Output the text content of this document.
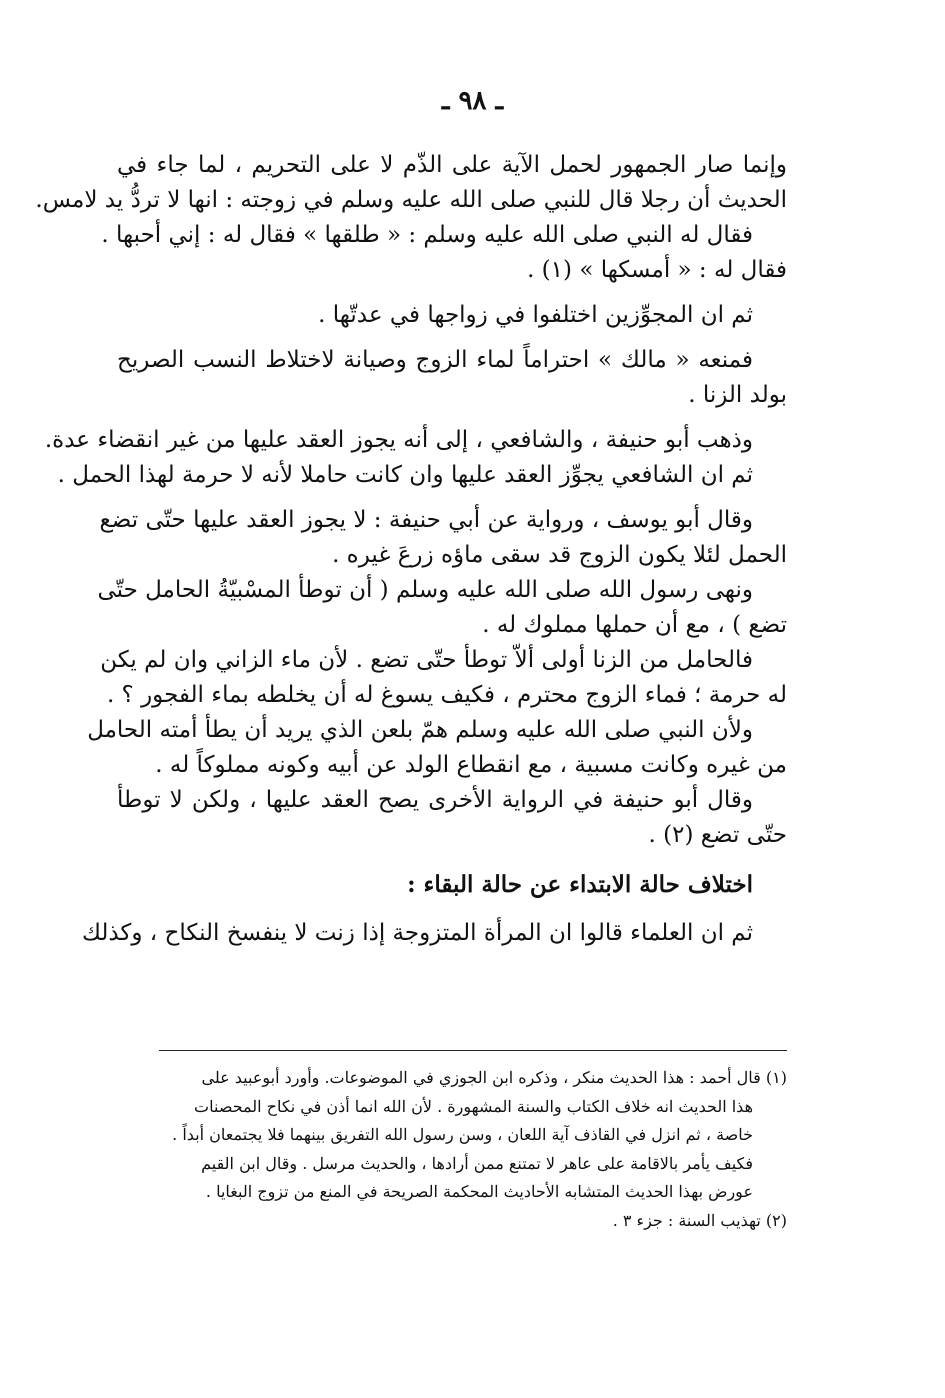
ـ ٩٨ ـ
وإنما صار الجمهور لحمل الآية على الذّم لا على التحريم ، لما جاء في
الحديث أن رجلا قال للنبي صلى الله عليه وسلم في زوجته : انها لا تردُّ يد لامس.
فقال له النبي صلى الله عليه وسلم : « طلقها » فقال له : إني أحبها .
فقال له : « أمسكها » (١) .
ثم ان المجوِّزين اختلفوا في زواجها في عدتّها .
فمنعه « مالك » احتراماً لماء الزوج وصيانة لاختلاط النسب الصريح
بولد الزنا .
وذهب أبو حنيفة ، والشافعي ، إلى أنه يجوز العقد عليها من غير انقضاء عدة.
ثم ان الشافعي يجوِّز العقد عليها وان كانت حاملا لأنه لا حرمة لهذا الحمل .
وقال أبو يوسف ، ورواية عن أبي حنيفة : لا يجوز العقد عليها حتّى تضع
الحمل لئلا يكون الزوج قد سقى ماؤه زرعَ غيره .
ونهى رسول الله صلى الله عليه وسلم ( أن توطأ المسْبيّةُ الحامل حتّى
تضع ) ، مع أن حملها مملوك له .
فالحامل من الزنا أولى ألاّ توطأ حتّى تضع . لأن ماء الزاني وان لم يكن
له حرمة ؛ فماء الزوج محترم ، فكيف يسوغ له أن يخلطه بماء الفجور ؟ .
ولأن النبي صلى الله عليه وسلم همّ بلعن الذي يريد أن يطأ أمته الحامل
من غيره وكانت مسبية ، مع انقطاع الولد عن أبيه وكونه مملوكاً له .
وقال أبو حنيفة في الرواية الأخرى يصح العقد عليها ، ولكن لا توطأ
حتّى تضع (٢) .
اختلاف حالة الابتداء عن حالة البقاء :
ثم ان العلماء قالوا ان المرأة المتزوجة إذا زنت لا ينفسخ النكاح ، وكذلك
(١) قال أحمد : هذا الحديث منكر ، وذكره ابن الجوزي في الموضوعات. وأورد أبوعبيد على
هذا الحديث انه خلاف الكتاب والسنة المشهورة . لأن الله انما أذن في نكاح المحصنات
خاصة ، ثم انزل في القاذف آية اللعان ، وسن رسول الله التفريق بينهما فلا يجتمعان أبداً .
فكيف يأمر بالاقامة على عاهر لا تمتنع ممن أرادها ، والحديث مرسل . وقال ابن القيم
عورض بهذا الحديث المتشابه الأحاديث المحكمة الصريحة في المنع من تزوج البغايا .
(٢) تهذيب السنة : جزء ٣ .
